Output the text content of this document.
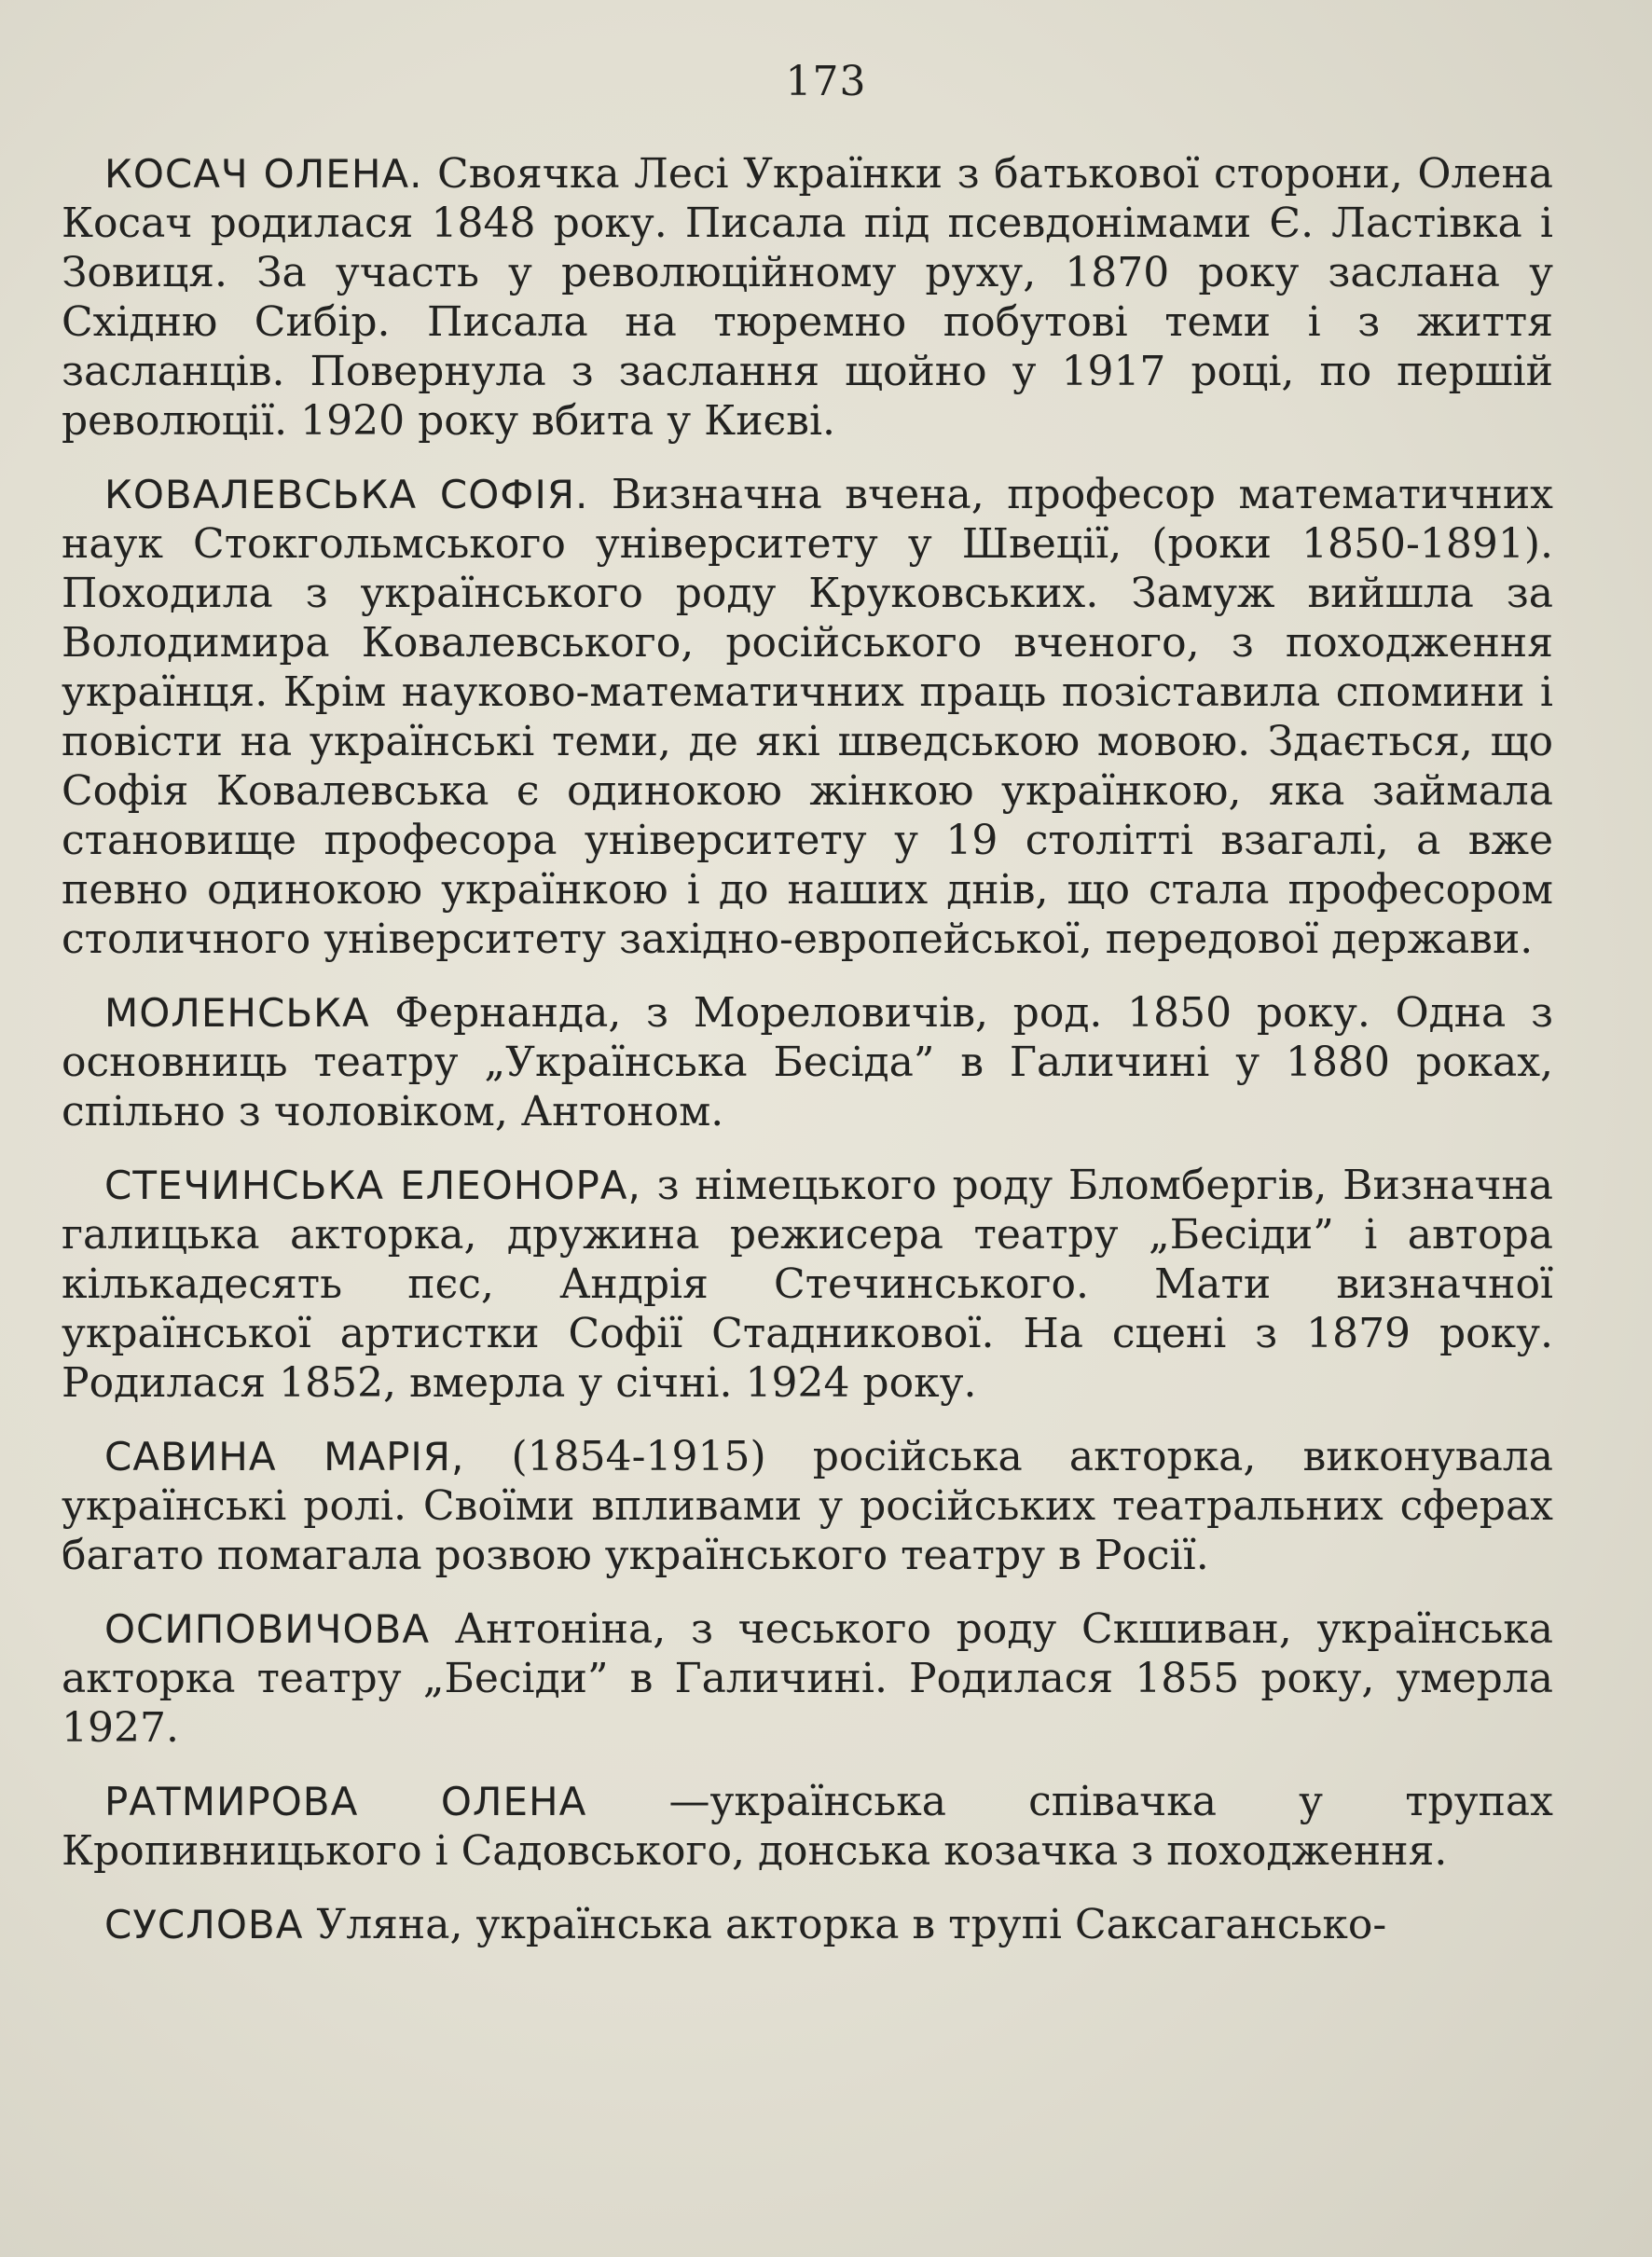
173

КОСАЧ ОЛЕНА. Своячка Лесі Українки з батькової сторони, Олена Косач родилася 1848 року. Писала під псевдонімами Є. Ластівка і Зовиця. За участь у революційному руху, 1870 року заслана у Східню Сибір. Писала на тюремно побутові теми і з життя засланців. Повернула з заслання щойно у 1917 році, по першій революції. 1920 року вбита у Києві.

КОВАЛЕВСЬКА СОФІЯ. Визначна вчена, професор математичних наук Стокгольмського університету у Швеції, (роки 1850-1891). Походила з українського роду Круковських. Замуж вийшла за Володимира Ковалевського, російського вченого, з походження українця. Крім науково-математичних праць позіставила спомини і повісти на українські теми, де які шведською мовою. Здається, що Софія Ковалевська є одинокою жінкою українкою, яка займала становище професора університету у 19 столітті взагалі, а вже певно одинокою українкою і до наших днів, що стала професором столичного університету західно-европейської, передової держави.

МОЛЕНСЬКА Фернанда, з Мореловичів, род. 1850 року. Одна з основниць театру „Українська Бесіда” в Галичині у 1880 роках, спільно з чоловіком, Антоном.

СТЕЧИНСЬКА ЕЛЕОНОРА, з німецького роду Бломбергів, Визначна галицька акторка, дружина режисера театру „Бесіди” і автора кількадесять пєс, Андрія Стечинського. Мати визначної української артистки Софії Стадникової. На сцені з 1879 року. Родилася 1852, вмерла у січні. 1924 року.

САВИНА МАРІЯ, (1854-1915) російська акторка, виконувала українські ролі. Своїми впливами у російських театральних сферах багато помагала розвою українського театру в Росії.

ОСИПОВИЧОВА Антоніна, з чеського роду Скшиван, українська акторка театру „Бесіди” в Галичині. Родилася 1855 року, умерла 1927.

РАТМИРОВА ОЛЕНА —українська співачка у трупах Кропивницького і Садовського, донська козачка з походження.

СУСЛОВА Уляна, українська акторка в трупі Саксагансько-
